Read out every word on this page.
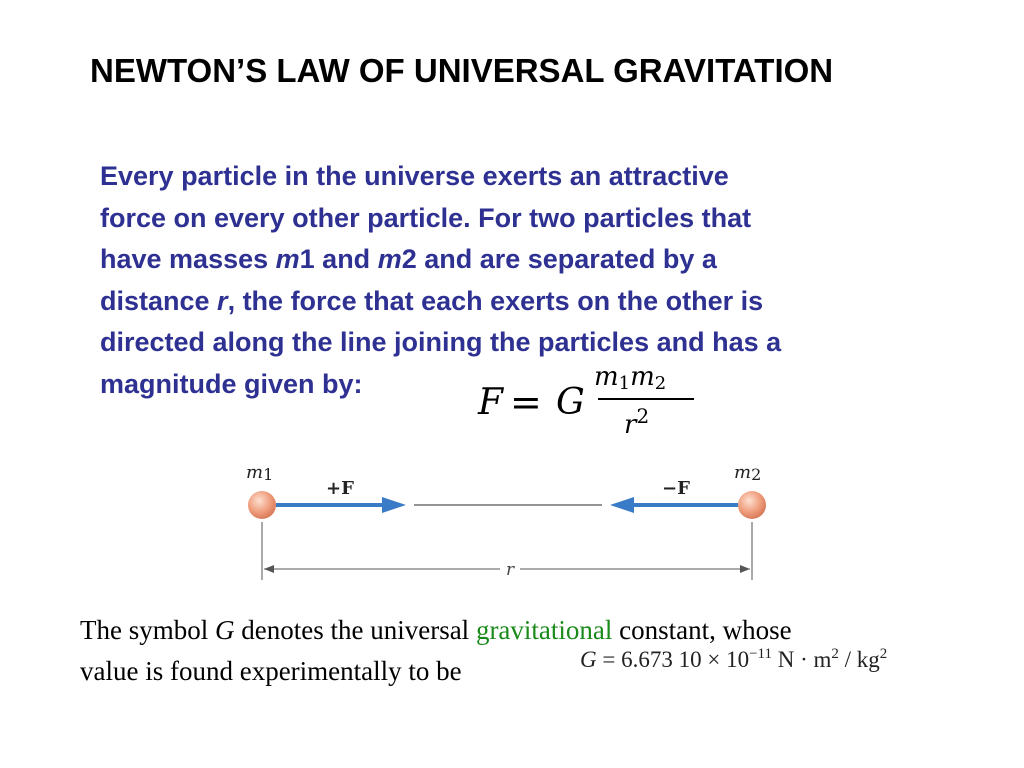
NEWTON’S LAW OF UNIVERSAL GRAVITATION
Every particle in the universe exerts an attractive
force on every other particle. For two particles that
have masses m1 and m2 and are separated by a
distance r, the force that each exerts on the other is
directed along the line joining the particles and has a
magnitude given by:	F = G
$m_1m_2$
$r^2$
m1	m2
+F	−F
r
The symbol G denotes the universal gravitational constant, whose
value is found experimentally to be	G = 6.673 $10 \times 10^{-11}$ $N \cdot m^2 / kg^2$
